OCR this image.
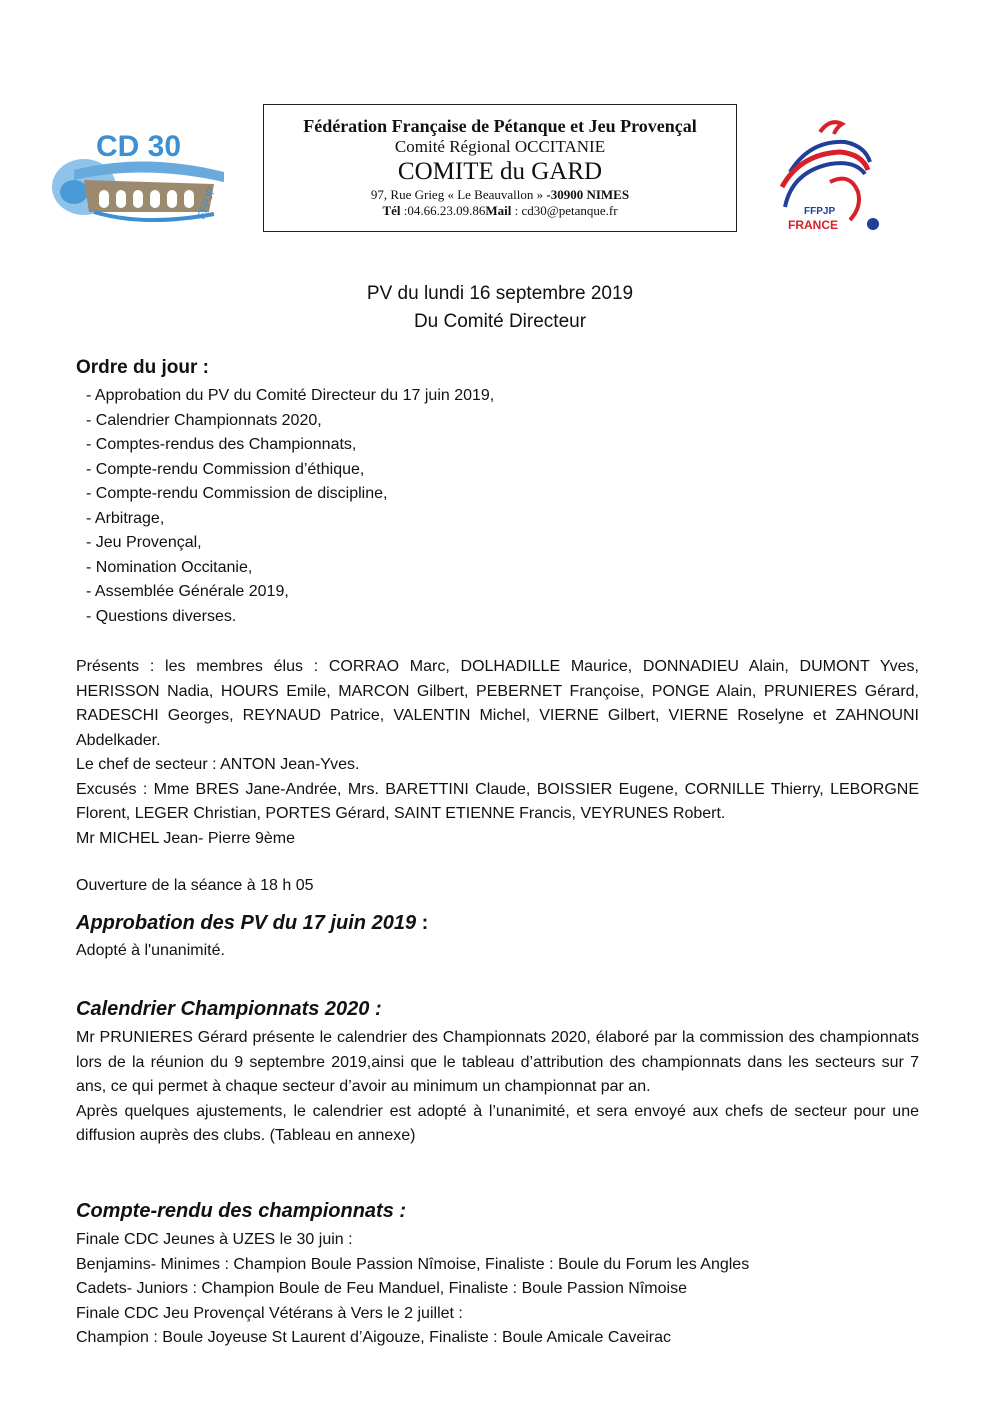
CD 30
FFPJP
Fédération Française de Pétanque et Jeu Provençal
Comité Régional OCCITANIE
COMITE du GARD
97, Rue Grieg « Le Beauvallon » -30900 NIMES
Tél :04.66.23.09.86Mail : cd30@petanque.fr	FFPJP
FRANCE
PV du lundi 16 septembre 2019
Du Comité Directeur
Ordre du jour :
- Approbation du PV du Comité Directeur du 17 juin 2019,
- Calendrier Championnats 2020,
- Comptes-rendus des Championnats,
- Compte-rendu Commission d’éthique,
- Compte-rendu Commission de discipline,
- Arbitrage,
- Jeu Provençal,
- Nomination Occitanie,
- Assemblée Générale 2019,
- Questions diverses.

Présents : les membres élus : CORRAO Marc, DOLHADILLE Maurice, DONNADIEU Alain, DUMONT Yves, HERISSON Nadia, HOURS Emile, MARCON Gilbert, PEBERNET Françoise, PONGE Alain, PRUNIERES Gérard, RADESCHI Georges, REYNAUD Patrice, VALENTIN Michel, VIERNE Gilbert, VIERNE Roselyne et ZAHNOUNI Abdelkader.

Le chef de secteur : ANTON Jean-Yves.

Excusés : Mme BRES Jane-Andrée, Mrs. BARETTINI Claude, BOISSIER Eugene, CORNILLE Thierry, LEBORGNE Florent, LEGER Christian, PORTES Gérard, SAINT ETIENNE Francis, VEYRUNES Robert.

Mr MICHEL Jean- Pierre 9ème

Ouverture de la séance à 18 h 05
Approbation des PV du 17 juin 2019 :
Adopté à l'unanimité.
Calendrier Championnats 2020 :

Mr PRUNIERES Gérard présente le calendrier des Championnats 2020, élaboré par la commission des championnats lors de la réunion du 9 septembre 2019,ainsi que le tableau d’attribution des championnats dans les secteurs sur 7 ans, ce qui permet à chaque secteur d’avoir au minimum un championnat par an.

Après quelques ajustements, le calendrier est adopté à l’unanimité, et sera envoyé aux chefs de secteur pour une diffusion auprès des clubs. (Tableau en annexe)

Compte-rendu des championnats :

Finale CDC Jeunes à UZES le 30 juin :

Benjamins- Minimes : Champion Boule Passion Nîmoise, Finaliste : Boule du Forum les Angles

Cadets- Juniors : Champion Boule de Feu Manduel, Finaliste : Boule Passion Nîmoise

Finale CDC Jeu Provençal Vétérans à Vers le 2 juillet :

Champion : Boule Joyeuse St Laurent d’Aigouze, Finaliste : Boule Amicale Caveirac
